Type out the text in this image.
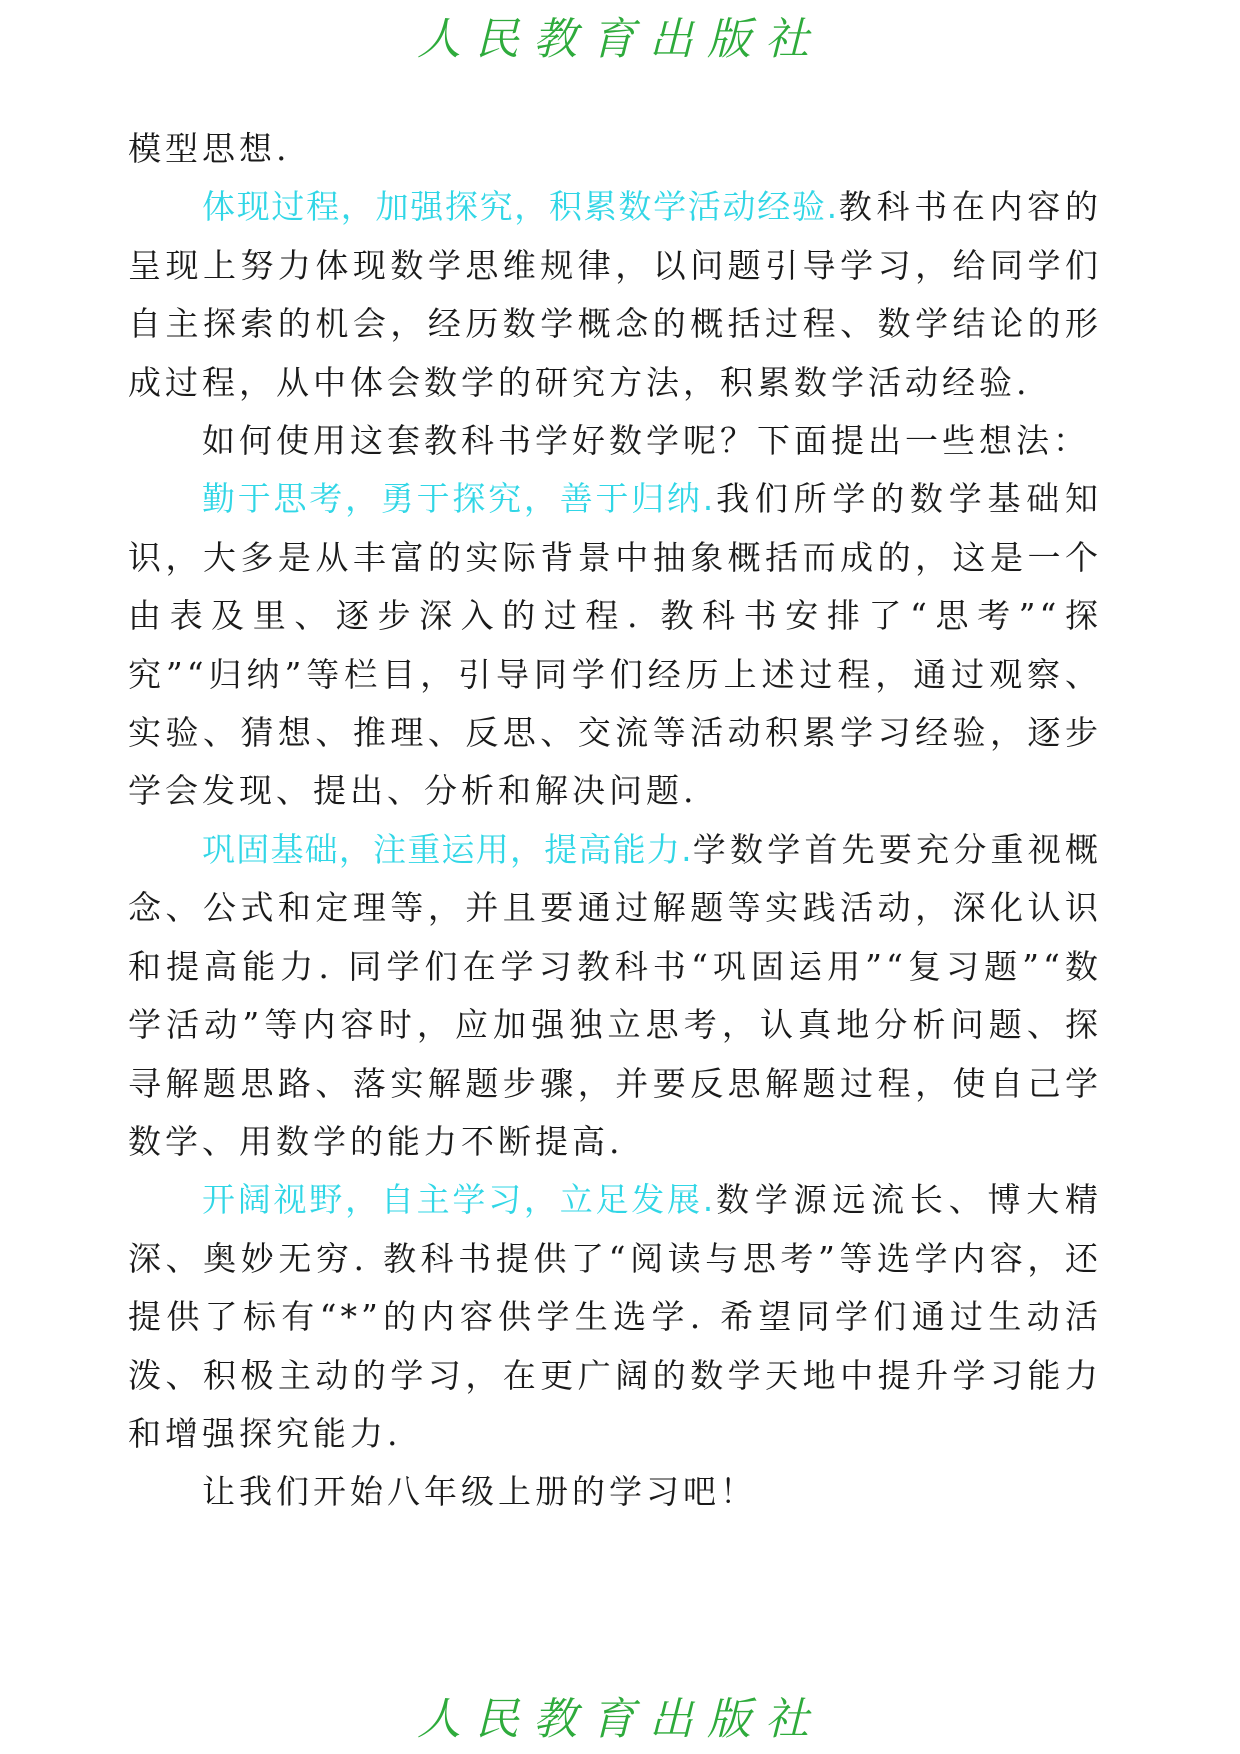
人民教育出版社

模型思想.

体现过程，加强探究，积累数学活动经验.教科书在内容的呈现上努力体现数学思维规律，以问题引导学习，给同学们自主探索的机会，经历数学概念的概括过程、数学结论的形成过程，从中体会数学的研究方法，积累数学活动经验.

如何使用这套教科书学好数学呢？下面提出一些想法：

勤于思考，勇于探究，善于归纳.我们所学的数学基础知识，大多是从丰富的实际背景中抽象概括而成的，这是一个由表及里、逐步深入的过程. 教科书安排了“思考”“探究”“归纳”等栏目，引导同学们经历上述过程，通过观察、实验、猜想、推理、反思、交流等活动积累学习经验，逐步学会发现、提出、分析和解决问题.

巩固基础，注重运用，提高能力.学数学首先要充分重视概念、公式和定理等，并且要通过解题等实践活动，深化认识和提高能力. 同学们在学习教科书“巩固运用”“复习题”“数学活动”等内容时，应加强独立思考，认真地分析问题、探寻解题思路、落实解题步骤，并要反思解题过程，使自己学数学、用数学的能力不断提高.

开阔视野，自主学习，立足发展.数学源远流长、博大精深、奥妙无穷. 教科书提供了“阅读与思考”等选学内容，还提供了标有“*”的内容供学生选学. 希望同学们通过生动活泼、积极主动的学习，在更广阔的数学天地中提升学习能力和增强探究能力.

让我们开始八年级上册的学习吧！

人民教育出版社
